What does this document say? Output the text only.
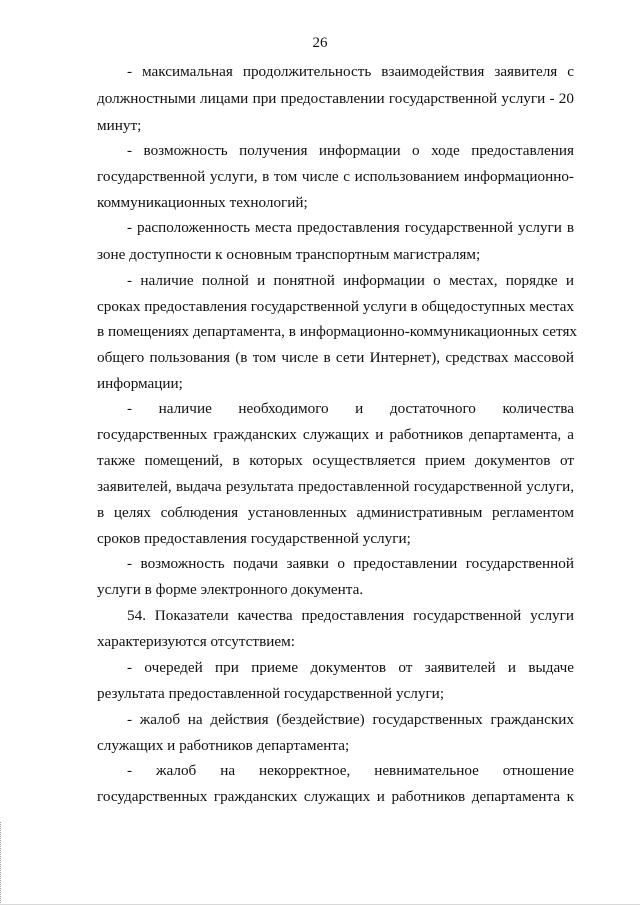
26
- максимальная продолжительность взаимодействия заявителя с
должностными лицами при предоставлении государственной услуги - 20
минут;
- возможность получения информации о ходе предоставления
государственной услуги, в том числе с использованием информационно-
коммуникационных технологий;
- расположенность места предоставления государственной услуги в
зоне доступности к основным транспортным магистралям;
- наличие полной и понятной информации о местах, порядке и
сроках предоставления государственной услуги в общедоступных местах
в помещениях департамента, в информационно-коммуникационных сетях
общего пользования (в том числе в сети Интернет), средствах массовой
информации;
- наличие необходимого и достаточного количества
государственных гражданских служащих и работников департамента, а
также помещений, в которых осуществляется прием документов от
заявителей, выдача результата предоставленной государственной услуги,
в целях соблюдения установленных административным регламентом
сроков предоставления государственной услуги;
- возможность подачи заявки о предоставлении государственной
услуги в форме электронного документа.
54. Показатели качества предоставления государственной услуги
характеризуются отсутствием:
- очередей при приеме документов от заявителей и выдаче
результата предоставленной государственной услуги;
- жалоб на действия (бездействие) государственных гражданских
служащих и работников департамента;
- жалоб на некорректное, невнимательное отношение
государственных гражданских служащих и работников департамента к
